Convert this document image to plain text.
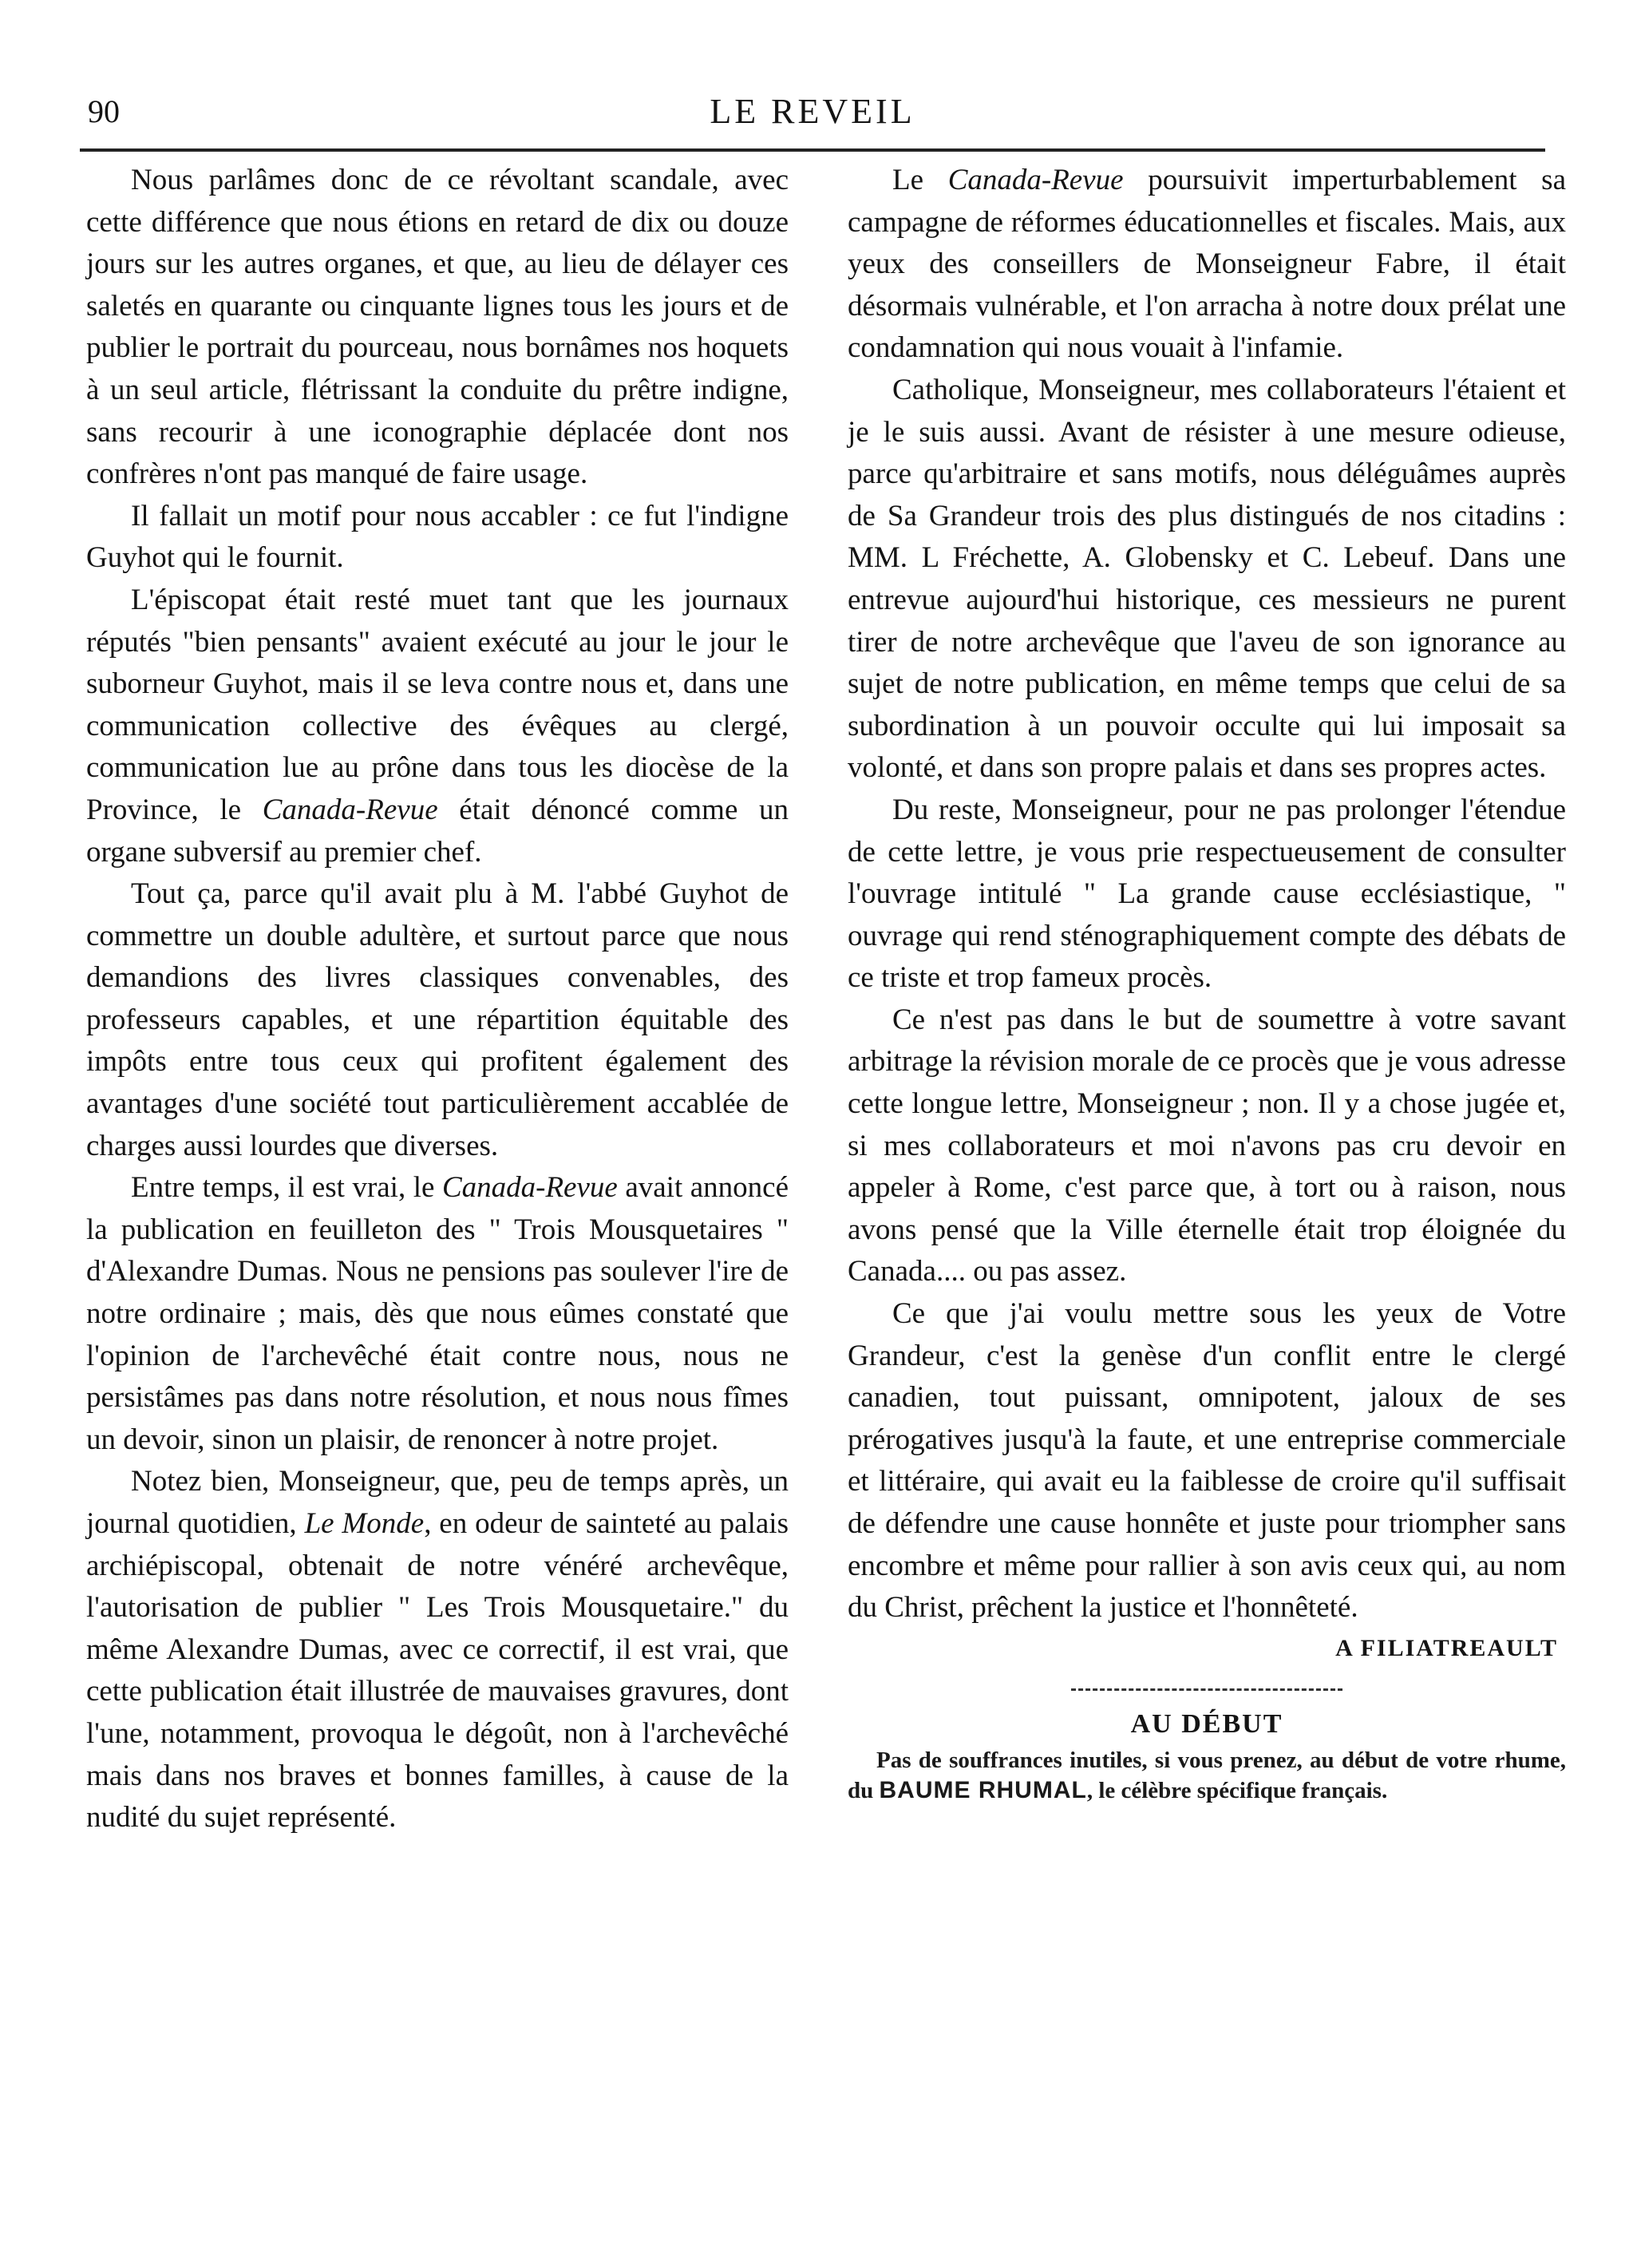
90	LE REVEIL

Nous parlâmes donc de ce révoltant scandale, avec cette différence que nous étions en retard de dix ou douze jours sur les autres organes, et que, au lieu de délayer ces saletés en quarante ou cinquante lignes tous les jours et de publier le portrait du pourceau, nous bornâmes nos hoquets à un seul article, flétrissant la conduite du prêtre indigne, sans recourir à une iconographie déplacée dont nos confrères n'ont pas manqué de faire usage.

Il fallait un motif pour nous accabler : ce fut l'indigne Guyhot qui le fournit.

L'épiscopat était resté muet tant que les journaux réputés "bien pensants" avaient exécuté au jour le jour le suborneur Guyhot, mais il se leva contre nous et, dans une communication collective des évêques au clergé, communication lue au prône dans tous les diocèse de la Province, le Canada-Revue était dénoncé comme un organe subversif au premier chef.

Tout ça, parce qu'il avait plu à M. l'abbé Guyhot de commettre un double adultère, et surtout parce que nous demandions des livres classiques convenables, des professeurs capables, et une répartition équitable des impôts entre tous ceux qui profitent également des avantages d'une société tout particulièrement accablée de charges aussi lourdes que diverses.

Entre temps, il est vrai, le Canada-Revue avait annoncé la publication en feuilleton des " Trois Mousquetaires " d'Alexandre Dumas. Nous ne pensions pas soulever l'ire de notre ordinaire ; mais, dès que nous eûmes constaté que l'opinion de l'archevêché était contre nous, nous ne persistâmes pas dans notre résolution, et nous nous fîmes un devoir, sinon un plaisir, de renoncer à notre projet.

Notez bien, Monseigneur, que, peu de temps après, un journal quotidien, Le Monde, en odeur de sainteté au palais archiépiscopal, obtenait de notre vénéré archevêque, l'autorisation de publier " Les Trois Mousquetaire." du même Alexandre Dumas, avec ce correctif, il est vrai, que cette publication était illustrée de mauvaises gravures, dont l'une, notamment, provoqua le dégoût, non à l'archevêché mais dans nos braves et bonnes familles, à cause de la nudité du sujet représenté.

Le Canada-Revue poursuivit imperturbablement sa campagne de réformes éducationnelles et fiscales. Mais, aux yeux des conseillers de Monseigneur Fabre, il était désormais vulnérable, et l'on arracha à notre doux prélat une condamnation qui nous vouait à l'infamie.

Catholique, Monseigneur, mes collaborateurs l'étaient et je le suis aussi. Avant de résister à une mesure odieuse, parce qu'arbitraire et sans motifs, nous déléguâmes auprès de Sa Grandeur trois des plus distingués de nos citadins : MM. L Fréchette, A. Globensky et C. Lebeuf. Dans une entrevue aujourd'hui historique, ces messieurs ne purent tirer de notre archevêque que l'aveu de son ignorance au sujet de notre publication, en même temps que celui de sa subordination à un pouvoir occulte qui lui imposait sa volonté, et dans son propre palais et dans ses propres actes.

Du reste, Monseigneur, pour ne pas prolonger l'étendue de cette lettre, je vous prie respectueusement de consulter l'ouvrage intitulé " La grande cause ecclésiastique, " ouvrage qui rend sténographiquement compte des débats de ce triste et trop fameux procès.

Ce n'est pas dans le but de soumettre à votre savant arbitrage la révision morale de ce procès que je vous adresse cette longue lettre, Monseigneur ; non. Il y a chose jugée et, si mes collaborateurs et moi n'avons pas cru devoir en appeler à Rome, c'est parce que, à tort ou à raison, nous avons pensé que la Ville éternelle était trop éloignée du Canada.... ou pas assez.

Ce que j'ai voulu mettre sous les yeux de Votre Grandeur, c'est la genèse d'un conflit entre le clergé canadien, tout puissant, omnipotent, jaloux de ses prérogatives jusqu'à la faute, et une entreprise commerciale et littéraire, qui avait eu la faiblesse de croire qu'il suffisait de défendre une cause honnête et juste pour triompher sans encombre et même pour rallier à son avis ceux qui, au nom du Christ, prêchent la justice et l'honnêteté.

A FILIATREAULT
AU DÉBUT
Pas de souffrances inutiles, si vous prenez, au début de votre rhume, du BAUME RHUMAL, le célèbre spécifique français.
